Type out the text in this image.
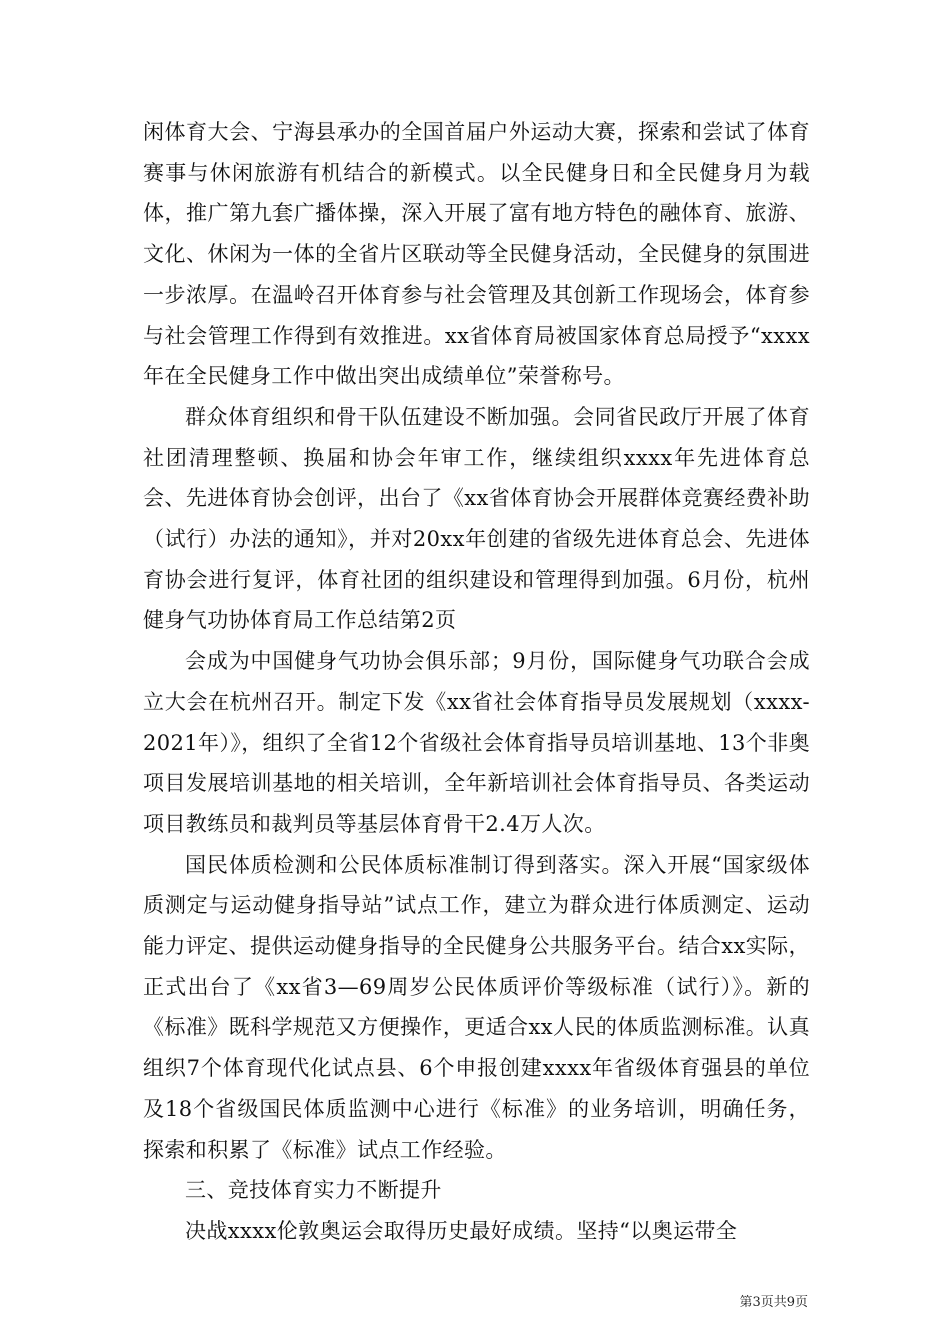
闲体育大会、宁海县承办的全国首届户外运动大赛，探索和尝试了体育赛事与休闲旅游有机结合的新模式。以全民健身日和全民健身月为载体，推广第九套广播体操，深入开展了富有地方特色的融体育、旅游、文化、休闲为一体的全省片区联动等全民健身活动，全民健身的氛围进一步浓厚。在温岭召开体育参与社会管理及其创新工作现场会，体育参与社会管理工作得到有效推进。xx省体育局被国家体育总局授予“xxxx年在全民健身工作中做出突出成绩单位”荣誉称号。

群众体育组织和骨干队伍建设不断加强。会同省民政厅开展了体育社团清理整顿、换届和协会年审工作，继续组织xxxx年先进体育总会、先进体育协会创评，出台了《xx省体育协会开展群体竞赛经费补助（试行）办法的通知》，并对20xx年创建的省级先进体育总会、先进体育协会进行复评，体育社团的组织建设和管理得到加强。6月份，杭州健身气功协体育局工作总结第2页

会成为中国健身气功协会俱乐部；9月份，国际健身气功联合会成立大会在杭州召开。制定下发《xx省社会体育指导员发展规划（xxxx-2021年）》，组织了全省12个省级社会体育指导员培训基地、13个非奥项目发展培训基地的相关培训，全年新培训社会体育指导员、各类运动项目教练员和裁判员等基层体育骨干2.4万人次。

国民体质检测和公民体质标准制订得到落实。深入开展“国家级体质测定与运动健身指导站”试点工作，建立为群众进行体质测定、运动能力评定、提供运动健身指导的全民健身公共服务平台。结合xx实际，正式出台了《xx省3—69周岁公民体质评价等级标准（试行）》。新的《标准》既科学规范又方便操作，更适合xx人民的体质监测标准。认真组织7个体育现代化试点县、6个申报创建xxxx年省级体育强县的单位及18个省级国民体质监测中心进行《标准》的业务培训，明确任务，探索和积累了《标准》试点工作经验。

三、竞技体育实力不断提升

决战xxxx伦敦奥运会取得历史最好成绩。坚持“以奥运带全

第3页共9页
